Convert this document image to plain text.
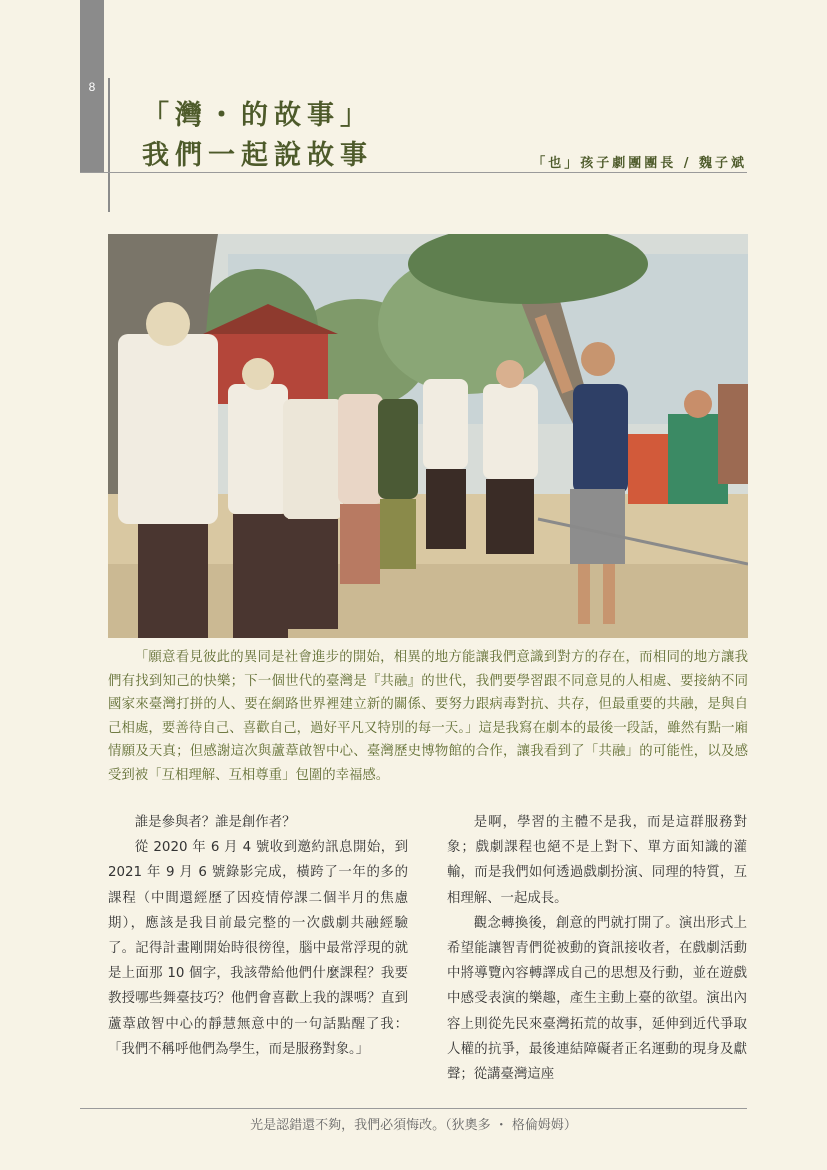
8
「灣・的故事」
我們一起說故事	「也」孩子劇團團長 / 魏子斌

「願意看見彼此的異同是社會進步的開始，相異的地方能讓我們意識到對方的存在，而相同的地方讓我們有找到知己的快樂；下一個世代的臺灣是『共融』的世代，我們要學習跟不同意見的人相處、要接納不同國家來臺灣打拼的人、要在網路世界裡建立新的關係、要努力跟病毒對抗、共存，但最重要的共融，是與自己相處，要善待自己、喜歡自己，過好平凡又特別的每一天。」這是我寫在劇本的最後一段話，雖然有點一廂情願及天真；但感謝這次與蘆葦啟智中心、臺灣歷史博物館的合作，讓我看到了「共融」的可能性，以及感受到被「互相理解、互相尊重」包圍的幸福感。

誰是參與者？誰是創作者？

從 2020 年 6 月 4 號收到邀約訊息開始，到 2021 年 9 月 6 號錄影完成，橫跨了一年的多的課程（中間還經歷了因疫情停課二個半月的焦慮期），應該是我目前最完整的一次戲劇共融經驗了。記得計畫剛開始時很徬徨，腦中最常浮現的就是上面那 10 個字，我該帶給他們什麼課程？我要教授哪些舞臺技巧？他們會喜歡上我的課嗎？直到蘆葦啟智中心的靜慧無意中的一句話點醒了我：「我們不稱呼他們為學生，而是服務對象。」

是啊，學習的主體不是我，而是這群服務對象；戲劇課程也絕不是上對下、單方面知識的灌輸，而是我們如何透過戲劇扮演、同理的特質，互相理解、一起成長。

觀念轉換後，創意的門就打開了。演出形式上希望能讓智青們從被動的資訊接收者，在戲劇活動中將導覽內容轉譯成自己的思想及行動，並在遊戲中感受表演的樂趣，產生主動上臺的欲望。演出內容上則從先民來臺灣拓荒的故事，延伸到近代爭取人權的抗爭，最後連結障礙者正名運動的現身及獻聲；從講臺灣這座

光是認錯還不夠，我們必須悔改。（狄奧多 ・ 格倫姆姆）
